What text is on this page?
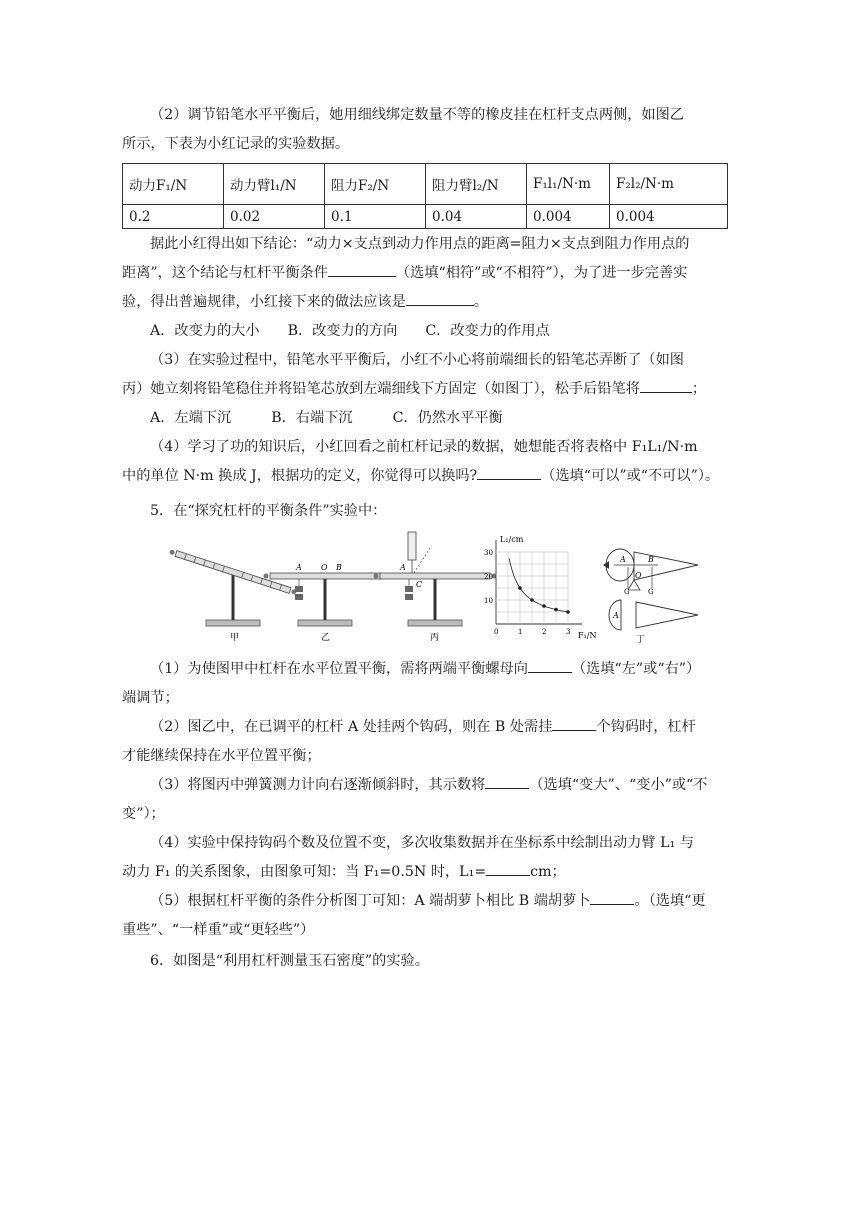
（2）调节铅笔水平平衡后，她用细线绑定数量不等的橡皮挂在杠杆支点两侧，如图乙

所示，下表为小红记录的实验数据。

动力F₁/N	动力臂l₁/N	阻力F₂/N	阻力臂l₂/N	F₁l₁/N·m	F₂l₂/N·m
0.2	0.02	0.1	0.04	0.004	0.004

据此小红得出如下结论：“动力×支点到动力作用点的距离=阻力×支点到阻力作用点的

距离”，这个结论与杠杆平衡条件	（选填“相符”或“不相符”），为了进一步完善实

验，得出普遍规律，小红接下来的做法应该是	。

A．改变力的大小 B．改变力的方向 C．改变力的作用点

（3）在实验过程中，铅笔水平平衡后，小红不小心将前端细长的铅笔芯弄断了（如图

丙）她立刻将铅笔稳住并将铅笔芯放到左端细线下方固定（如图丁），松手后铅笔将	；

A．左端下沉	B．右端下沉	C．仍然水平平衡

（4）学习了功的知识后，小红回看之前杠杆记录的数据，她想能否将表格中 F₁L₁/N·m

中的单位 N·m 换成 J，根据功的定义，你觉得可以换吗?	（选填“可以”或“不可以”）。

5．在“探究杠杆的平衡条件”实验中：

甲
A O B
乙
A
C
丙
L₁/cm
F₁/N
30
20
10
0	1	2	3
A	B
O
G	G
A
丁

（1）为使图甲中杠杆在水平位置平衡，需将两端平衡螺母向	（选填“左”或“右”）

端调节；

（2）图乙中，在已调平的杠杆 A 处挂两个钩码，则在 B 处需挂	个钩码时，杠杆

才能继续保持在水平位置平衡；

（3）将图丙中弹簧测力计向右逐渐倾斜时，其示数将	（选填“变大”、“变小”或“不

变”）；

（4）实验中保持钩码个数及位置不变，多次收集数据并在坐标系中绘制出动力臂 L₁ 与

动力 F₁ 的关系图象，由图象可知：当 F₁=0.5N 时，L₁=	cm；

（5）根据杠杆平衡的条件分析图丁可知：A 端胡萝卜相比 B 端胡萝卜	。（选填“更

重些”、“一样重”或“更轻些”）

6．如图是“利用杠杆测量玉石密度”的实验。
